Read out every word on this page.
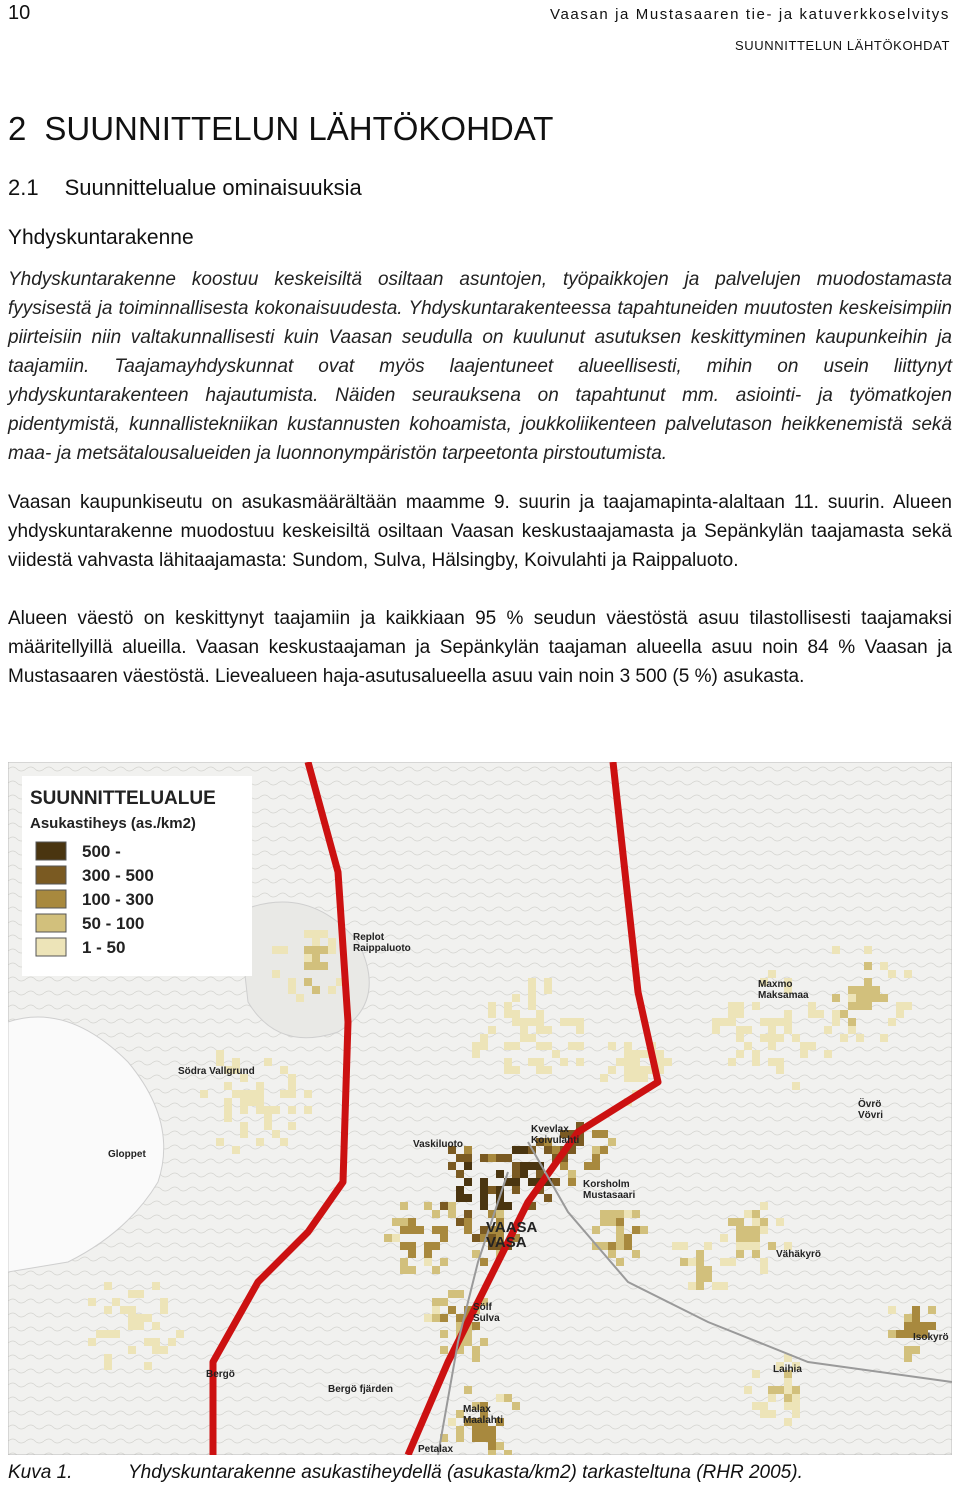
10	Vaasan ja Mustasaaren tie- ja katuverkkoselvitys
SUUNNITTELUN LÄHTÖKOHDAT
2 SUUNNITTELUN LÄHTÖKOHDAT
2.1 Suunnittelualue ominaisuuksia
Yhdyskuntarakenne

Yhdyskuntarakenne koostuu keskeisiltä osiltaan asuntojen, työpaikkojen ja palvelujen muodostamasta fyysisestä ja toiminnallisesta kokonaisuudesta. Yhdyskuntarakenteessa tapahtuneiden muutosten keskeisimpiin piirteisiin niin valtakunnallisesti kuin Vaasan seudulla on kuulunut asutuksen keskittyminen kaupunkeihin ja taajamiin. Taajamayhdyskunnat ovat myös laajentuneet alueellisesti, mihin on usein liittynyt yhdyskuntarakenteen hajautumista. Näiden seurauksena on tapahtunut mm. asiointi- ja työmatkojen pidentymistä, kunnallistekniikan kustannusten kohoamista, joukkoliikenteen palvelutason heikkenemistä sekä maa- ja metsätalousalueiden ja luonnonympäristön tarpeetonta pirstoutumista.

Vaasan kaupunkiseutu on asukasmäärältään maamme 9. suurin ja taajamapinta-alaltaan 11. suurin. Alueen yhdyskuntarakenne muodostuu keskeisiltä osiltaan Vaasan keskustaajamasta ja Sepänkylän taajamasta sekä viidestä vahvasta lähitaajamasta: Sundom, Sulva, Hälsingby, Koivulahti ja Raippaluoto.

Alueen väestö on keskittynyt taajamiin ja kaikkiaan 95 % seudun väestöstä asuu tilastollisesti taajamaksi määritellyillä alueilla. Vaasan keskustaajaman ja Sepänkylän taajaman alueella asuu noin 84 % Vaasan ja Mustasaaren väestöstä. Lievealueen haja-asutusalueella asuu vain noin 3 500 (5 %) asukasta.

Replot
Raippaluoto
Södra Vallgrund
Gloppet
Vaskiluoto
VAASA
VASA
Korsholm
Mustasaari
Kvevlax
Koivulahti
Maxmo
Maksamaa
Övrö
Vövri
Vähäkyrö
Isokyrö
Laihia
Sölf
Sulva
Bergö
Malax
Maalahti
Petalax
Bergö fjärden
SUUNNITTELUALUE
Asukastiheys (as./km2)
500 -
300 - 500
100 - 300
50 - 100
1 - 50

Kuva 1.	Yhdyskuntarakenne asukastiheydellä (asukasta/km2) tarkasteltuna (RHR 2005).
